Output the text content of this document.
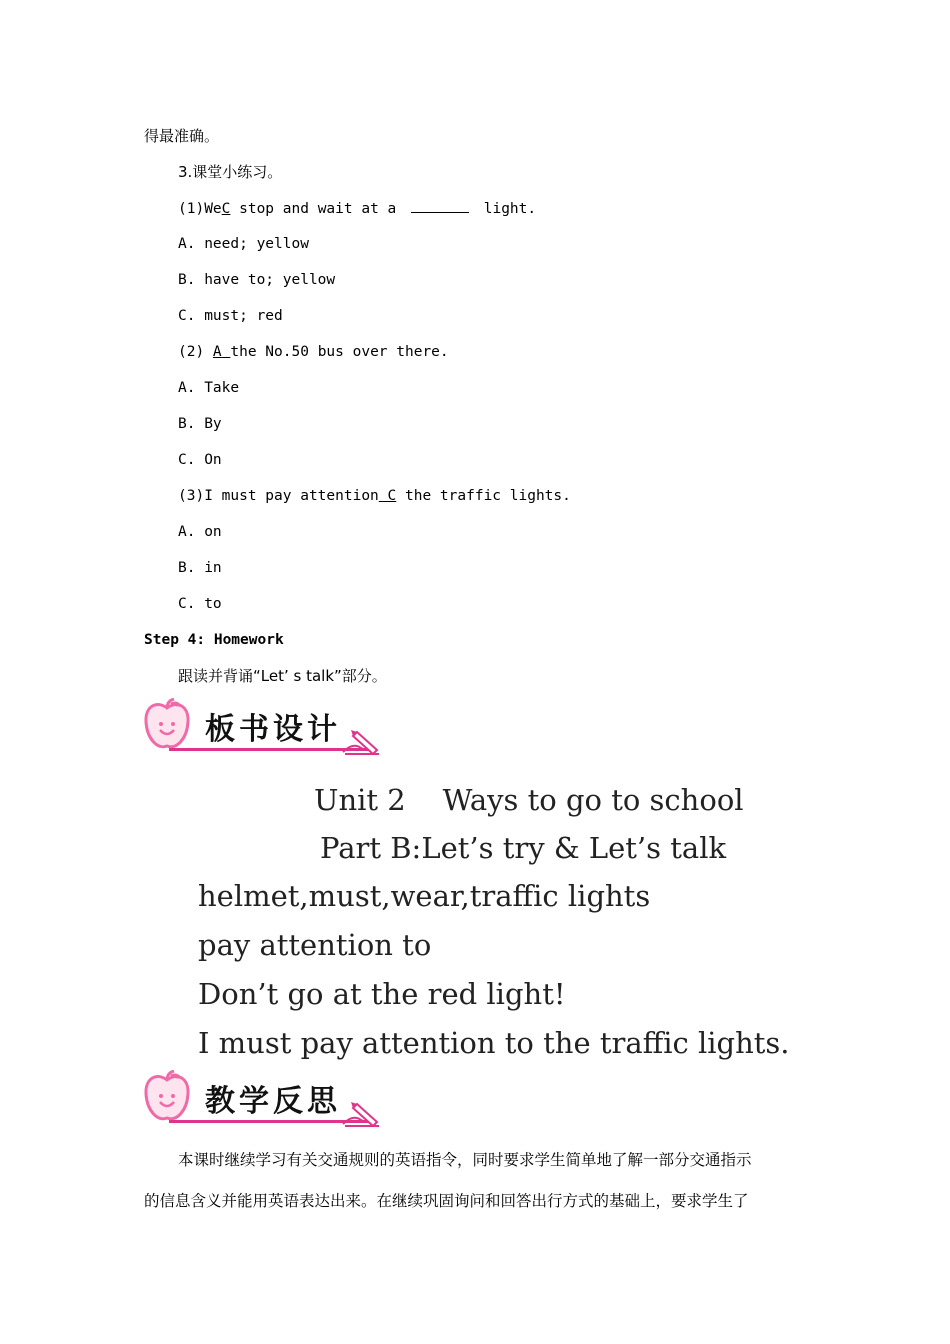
得最准确。
3.课堂小练习。
(1)WeC stop and wait at a	light.
A. need; yellow
B. have to; yellow
C. must; red
(2) A the No.50 bus over there.
A. Take
B. By
C. On
(3)I must pay attention C the traffic lights.
A. on
B. in
C. to
Step 4: Homework
跟读并背诵“Let’ s talk”部分。
板书设计
Unit 2    Ways to go to school
Part B:Let’s try & Let’s talk
helmet,must,wear,traffic lights
pay attention to
Don’t go at the red light!
I must pay attention to the traffic lights.
教学反思
本课时继续学习有关交通规则的英语指令，同时要求学生简单地了解一部分交通指示
的信息含义并能用英语表达出来。在继续巩固询问和回答出行方式的基础上，要求学生了
